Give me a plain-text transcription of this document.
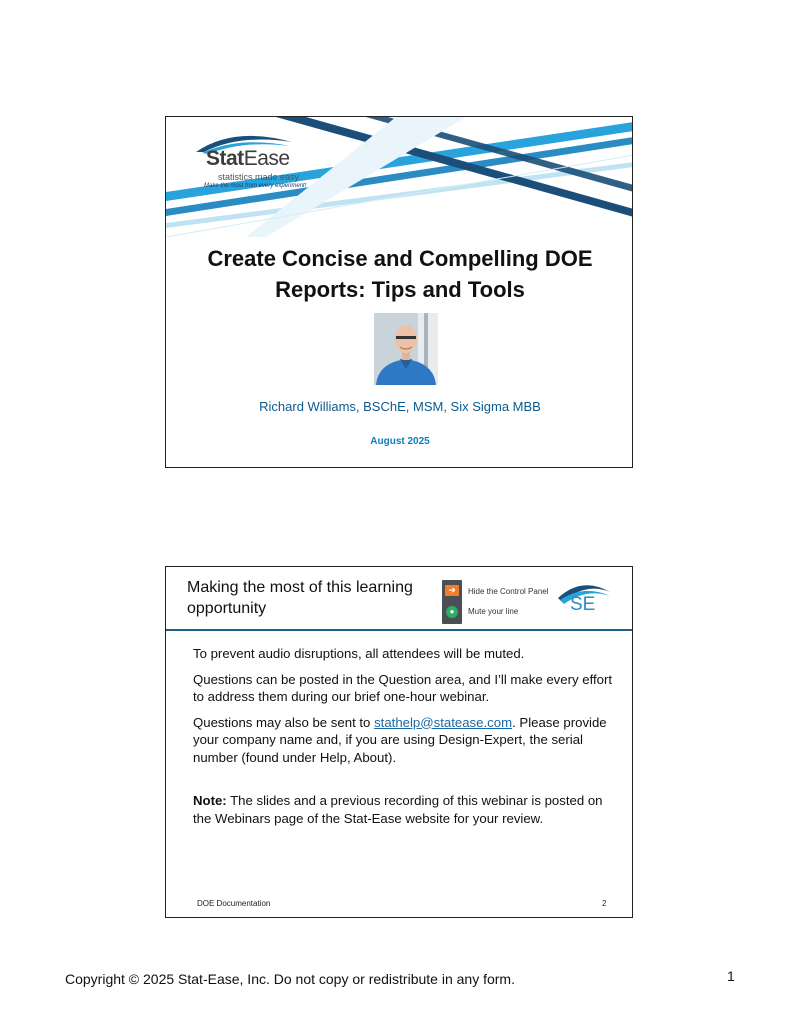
StatEase
statistics made easy
Make the most from every experiment!
Create Concise and Compelling DOE
Reports: Tips and Tools
Richard Williams, BSChE, MSM, Six Sigma MBB
August 2025
Making the most of this learning
opportunity
➜
●
Hide the Control Panel
Mute your line	SE

To prevent audio disruptions, all attendees will be muted.

Questions can be posted in the Question area, and I’ll make every effort to address them during our brief one-hour webinar.

Questions may also be sent to stathelp@statease.com. Please provide your company name and, if you are using Design-Expert, the serial number (found under Help, About).

Note: The slides and a previous recording of this webinar is posted on the Webinars page of the Stat-Ease website for your review.

DOE Documentation	2
Copyright © 2025 Stat-Ease, Inc. Do not copy or redistribute in any form.	1
